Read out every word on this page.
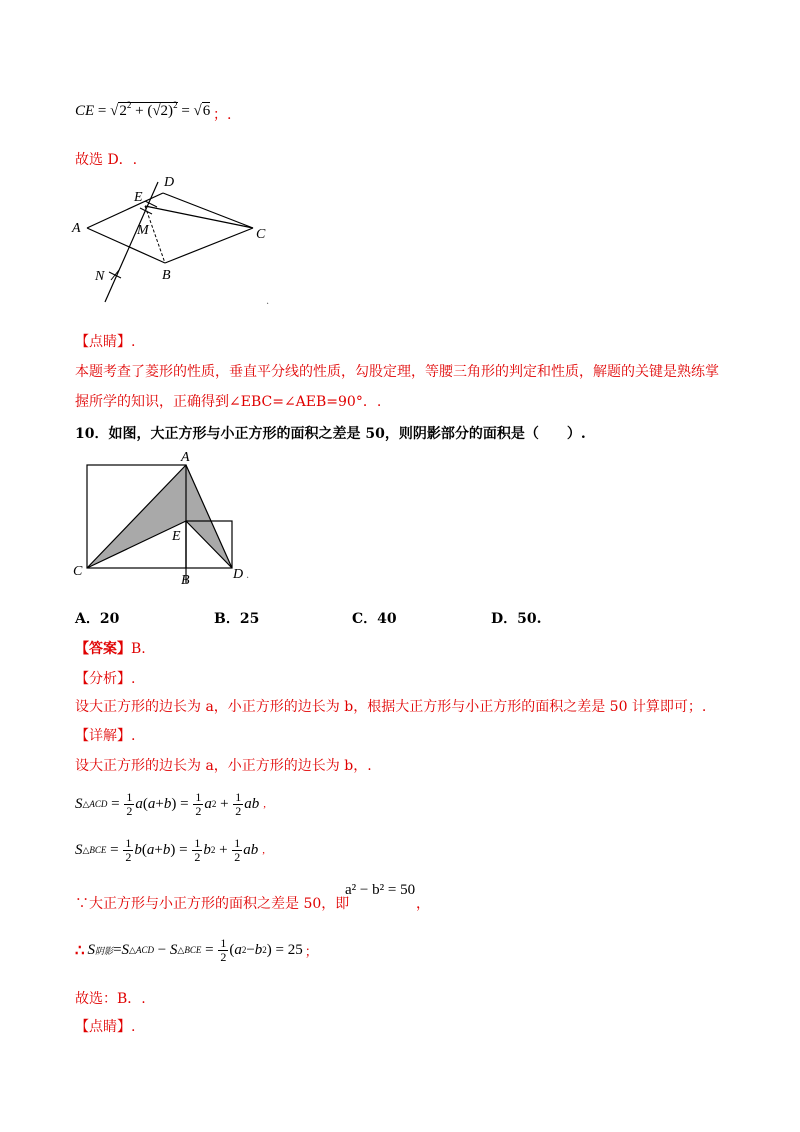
CE = $√2^2 + (√2)^2 = √6$ ；.
故选 D．.
A
D
E
M	C
B
N
.
【点睛】.
本题考查了菱形的性质，垂直平分线的性质，勾股定理，等腰三角形的判定和性质，解题的关键是熟练掌
握所学的知识，正确得到∠EBC=∠AEB=90°．.
10．如图，大正方形与小正方形的面积之差是 50，则阴影部分的面积是（　　）.
A
E
C
B	D .
A．20	B．25	C．40	D．50.
【答案】B.
【分析】.
设大正方形的边长为 a，小正方形的边长为 b，根据大正方形与小正方形的面积之差是 50 计算即可；.
【详解】.
设大正方形的边长为 a，小正方形的边长为 b，.
S △ACD = $\frac{1}{2}$ a ( a + b ) = $\frac{1}{2}$ a $2 + \frac{1}{2}$ ab ,
S △BCE = $\frac{1}{2}$ b ( a + b ) = $\frac{1}{2}$ b $2 + \frac{1}{2}$ ab ,
∵大正方形与小正方形的面积之差是 50，即
a² − b² = 50
，
∴ S 阴影 = S △ACD − S △BCE = $\frac{1}{2}$ ( a 2 − b 2 ) = 25 ；
故选：B．.
【点睛】.
